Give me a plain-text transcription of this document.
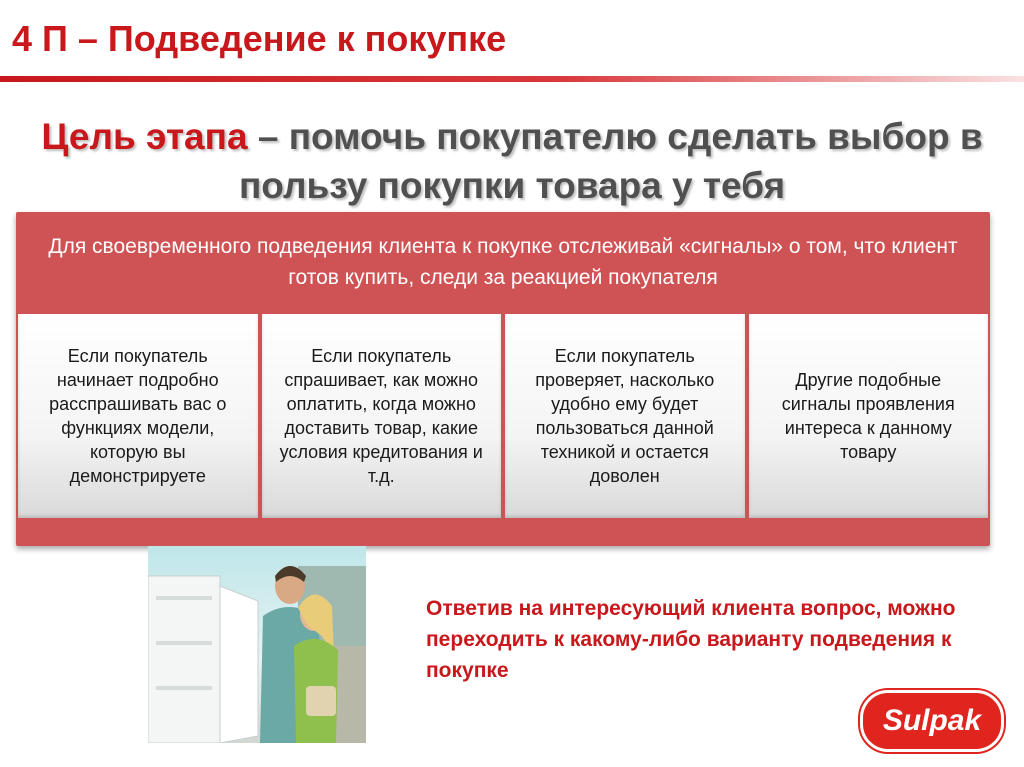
4 П – Подведение к покупке
Цель этапа – помочь покупателю сделать выбор в пользу покупки товара у тебя
Для своевременного подведения клиента к покупке отслеживай «сигналы» о том, что клиент готов купить, следи за реакцией покупателя
Если покупатель начинает подробно расспрашивать вас о функциях модели, которую вы демонстрируете
Если покупатель спрашивает, как можно оплатить, когда можно доставить товар, какие условия кредитования и т.д.
Если покупатель проверяет, насколько удобно ему будет пользоваться данной техникой и остается доволен
Другие подобные сигналы проявления интереса к данному товару
Ответив на интересующий клиента вопрос, можно переходить к какому-либо варианту подведения к покупке
Sulpak
